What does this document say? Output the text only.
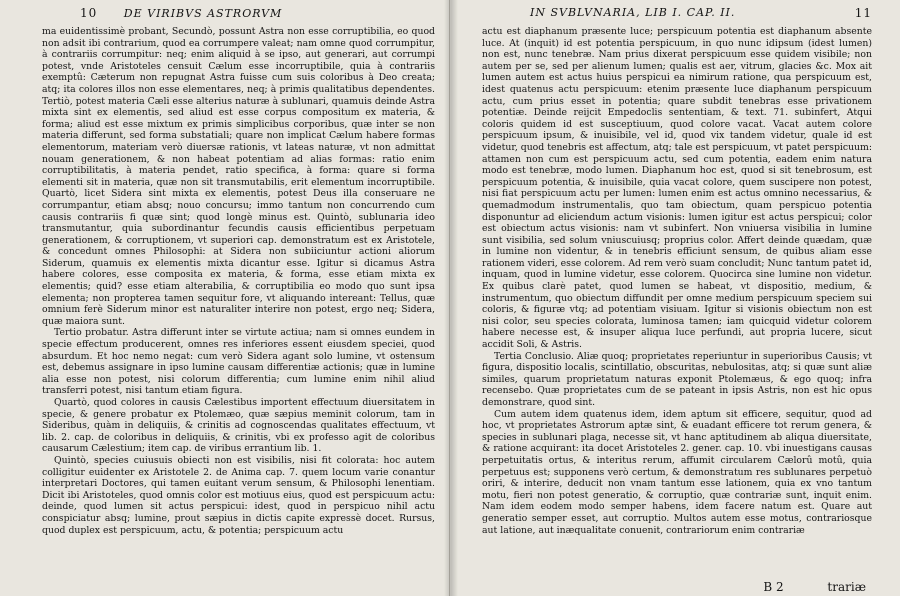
10 DE VIRIBVS ASTRORVM

ma euidentissimè probant, Secundò, possunt Astra non esse corruptibilia, eo quod non adsit ibi contrarium, quod ea corrumpere valeat; nam omne quod corrumpitur, à contrariis corrumpitur: neq; enim aliquid à se ipso, aut generari, aut corrumpi potest, vnde Aristoteles censuit Cælum esse incorruptibile, quia à contrariis exemptû: Cæterum non repugnat Astra fuisse cum suis coloribus à Deo creata; atq; ita colores illos non esse elementares, neq; à primis qualitatibus dependentes. Tertiò, potest materia Cæli esse alterius naturæ à sublunari, quamuis deinde Astra mixta sint ex elementis, sed aliud est esse corpus compositum ex materia, & forma; aliud est esse mixtum ex primis simplicibus corporibus, quæ inter se non materia differunt, sed forma substatiali; quare non implicat Cælum habere formas elementorum, materiam verò diuersæ rationis, vt lateas naturæ, vt non admittat nouam generationem, & non habeat potentiam ad alias formas: ratio enim corruptibilitatis, à materia pendet, ratio specifica, à forma: quare si forma elementi sit in materia, quæ non sit transmutabilis, erit elementum incorruptibile. Quartò, licet Sidera sint mixta ex elementis, potest Deus illa conseruare ne corrumpantur, etiam absq; nouo concursu; immo tantum non concurrendo cum causis contrariis fi quæ sint; quod longè minus est. Quintò, sublunaria ideo transmutantur, quia subordinantur fecundis causis efficientibus perpetuam generationem, & corruptionem, vt superiori cap. demonstratum est ex Aristotele, & concedunt omnes Philosophi: at Sidera non subiiciuntur actioni aliorum Siderum, quamuis ex elementis mixta dicantur esse. Igitur si dicamus Astra habere colores, esse composita ex materia, & forma, esse etiam mixta ex elementis; quid? esse etiam alterabilia, & corruptibilia eo modo quo sunt ipsa elementa; non propterea tamen sequitur fore, vt aliquando intereant: Tellus, quæ omnium ferè Siderum minor est naturaliter interire non potest, ergo neq; Sidera, quæ maiora sunt.

Tertio probatur. Astra differunt inter se virtute actiua; nam si omnes eundem in specie effectum producerent, omnes res inferiores essent eiusdem speciei, quod absurdum. Et hoc nemo negat: cum verò Sidera agant solo lumine, vt ostensum est, debemus assignare in ipso lumine causam differentiæ actionis; quæ in lumine alia esse non potest, nisi colorum differentia; cum lumine enim nihil aliud transferri potest, nisi tantum etiam figura.

Quartò, quod colores in causis Cælestibus importent effectuum diuersitatem in specie, & genere probatur ex Ptolemæo, quæ sæpius meminit colorum, tam in Sideribus, quàm in deliquiis, & crinitis ad cognoscendas qualitates effectuum, vt lib. 2. cap. de coloribus in deliquiis, & crinitis, vbi ex professo agit de coloribus causarum Cælestium; item cap. de viribus errantium lib. 1.

Quintò, species cuiusuis obiecti non est visibilis, nisi fit colorata: hoc autem colligitur euidenter ex Aristotele 2. de Anima cap. 7. quem locum varie conantur interpretari Doctores, qui tamen euitant verum sensum, & Philosophi lenentiam. Dicit ibi Aristoteles, quod omnis color est motiuus eius, quod est perspicuum actu: deinde, quod lumen sit actus perspicui: idest, quod in perspicuo nihil actu conspiciatur absq; lumine, prout sæpius in dictis capite expressè docet. Rursus, quod duplex est perspicuum, actu, & potentia; perspicuum actu

IN SVBLVNARIA, LIB I. CAP. II.	11

actu est diaphanum præsente luce; perspicuum potentia est diaphanum absente luce. At (inquit) id est potentia perspicuum, in quo nunc idipsum (idest lumen) non est, nunc tenebræ. Nam prius dixerat perspicuum esse quidem visibile; non autem per se, sed per alienum lumen; qualis est aer, vitrum, glacies &c. Mox ait lumen autem est actus huius perspicui ea nimirum ratione, qua perspicuum est, idest quatenus actu perspicuum: etenim præsente luce diaphanum perspicuum actu, cum prius esset in potentia; quare subdit tenebras esse privationem potentiæ. Deinde reijcit Empedoclis sententiam, & text. 71. subinfert, Atqui coloris quidem id est susceptiuum, quod colore vacat. Vacat autem colore perspicuum ipsum, & inuisibile, vel id, quod vix tandem videtur, quale id est videtur, quod tenebris est affectum, atq; tale est perspicuum, vt patet perspicuum: attamen non cum est perspicuum actu, sed cum potentia, eadem enim natura modo est tenebræ, modo lumen. Diaphanum hoc est, quod si sit tenebrosum, est perspicuum potentia, & inuisibile, quia vacat colore, quem suscipere non potest, nisi fiat perspicuum actu per lumen: lumen enim est actus omnino necessarius, & quemadmodum instrumentalis, quo tam obiectum, quam perspicuo potentia disponuntur ad eliciendum actum visionis: lumen igitur est actus perspicui; color est obiectum actus visionis: nam vt subinfert. Non vniuersa visibilia in lumine sunt visibilia, sed solum vniuscuiusq; proprius color. Affert deinde quædam, quæ in lumine non videntur, & in tenebris efficiunt sensum, de quibus aliam esse rationem videri, esse colorem. Ad rem verò suam concludit; Nunc tantum patet id, inquam, quod in lumine videtur, esse colorem. Quocirca sine lumine non videtur. Ex quibus clarè patet, quod lumen se habeat, vt dispositio, medium, & instrumentum, quo obiectum diffundit per omne medium perspicuum speciem sui coloris, & figuræ vtq; ad potentiam visiuam. Igitur si visionis obiectum non est nisi color, seu species colorata, luminosa tamen; iam quicquid videtur colorem habere necesse est, & insuper aliqua luce perfundi, aut propria lucere, sicut accidit Soli, & Astris.

Tertia Conclusio. Aliæ quoq; proprietates reperiuntur in superioribus Causis; vt figura, dispositio localis, scintillatio, obscuritas, nebulositas, atq; si quæ sunt aliæ similes, quarum proprietatum naturas exponit Ptolemæus, & ego quoq; infra recensebo. Quæ proprietates cum de se pateant in ipsis Astris, non est hic opus demonstrare, quod sint.

Cum autem idem quatenus idem, idem aptum sit efficere, sequitur, quod ad hoc, vt proprietates Astrorum aptæ sint, & euadant efficere tot rerum genera, & species in sublunari plaga, necesse sit, vt hanc aptitudinem ab aliqua diuersitate, & ratione acquirant: ita docet Aristoteles 2. gener. cap. 10. vbi inuestigans causas perpetuitatis ortus, & interitus rerum, affumit circularem Cælorû motû, quia perpetuus est; supponens verò certum, & demonstratum res sublunares perpetuò oriri, & interire, deducit non vnam tantum esse lationem, quia ex vno tantum motu, fieri non potest generatio, & corruptio, quæ contrariæ sunt, inquit enim. Nam idem eodem modo semper habens, idem facere natum est. Quare aut generatio semper esset, aut corruptio. Multos autem esse motus, contrariosque aut latione, aut inæqualitate conuenit, contrariorum enim contrariæ

B 2	trariæ
